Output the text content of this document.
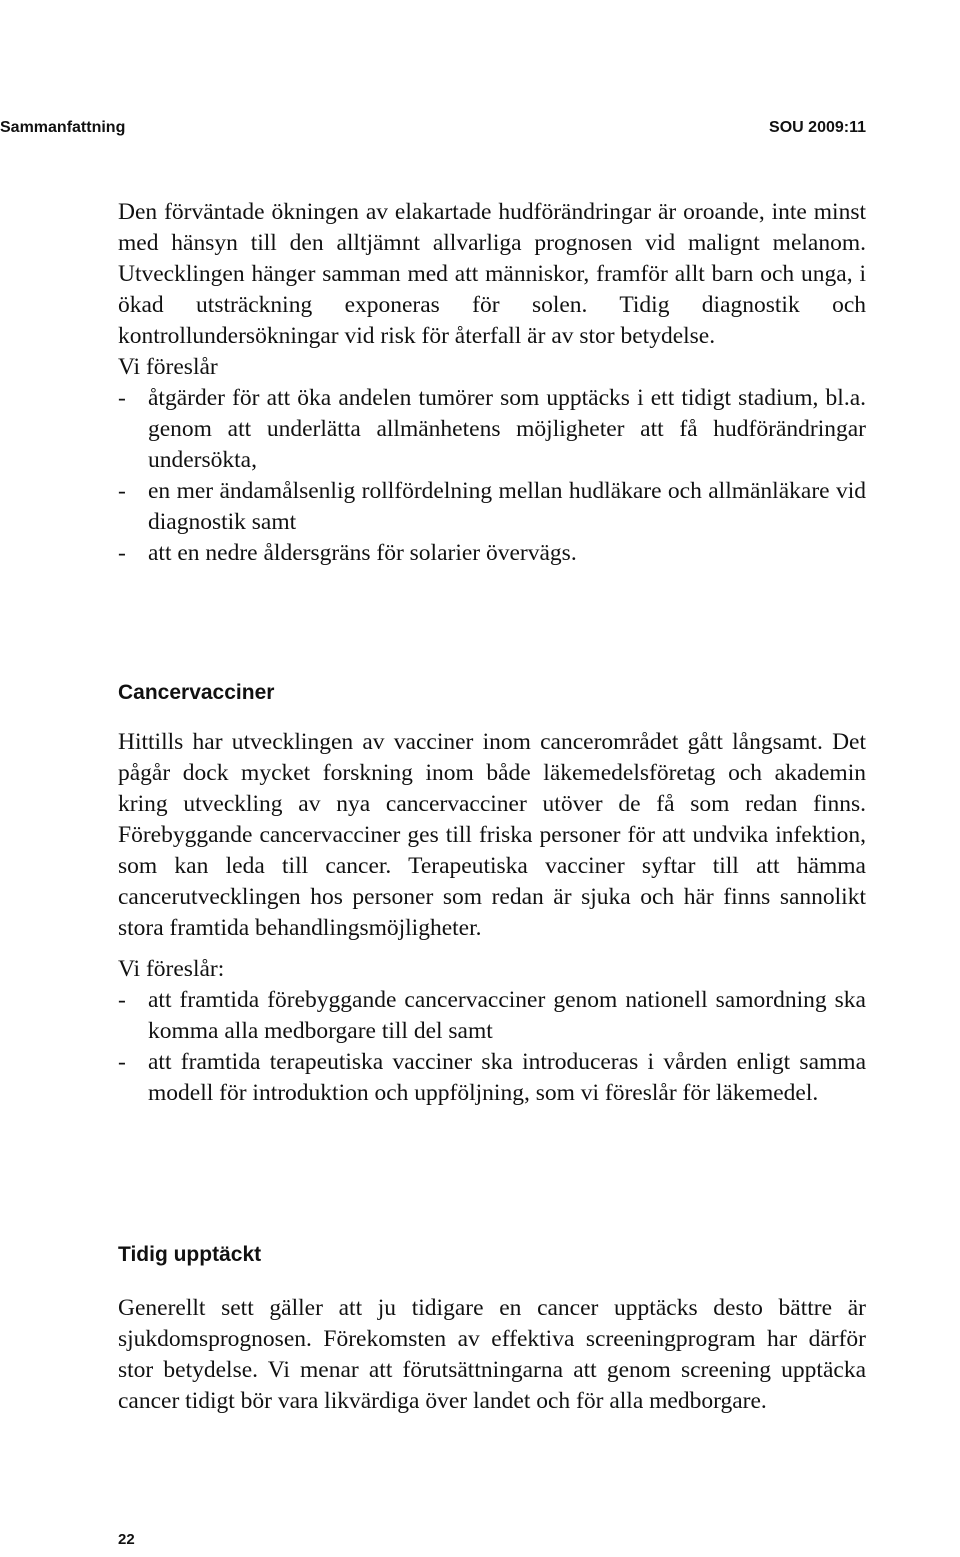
Sammanfattning	SOU 2009:11

Den förväntade ökningen av elakartade hudförändringar är oroande, inte minst med hänsyn till den alltjämnt allvarliga prognosen vid malignt melanom. Utvecklingen hänger samman med att människor, framför allt barn och unga, i ökad utsträckning exponeras för solen. Tidig diagnostik och kontrollundersökningar vid risk för återfall är av stor betydelse.

Vi föreslår

- åtgärder för att öka andelen tumörer som upptäcks i ett tidigt stadium, bl.a. genom att underlätta allmänhetens möjligheter att få hudförändringar undersökta,
- en mer ändamålsenlig rollfördelning mellan hudläkare och allmänläkare vid diagnostik samt
- att en nedre åldersgräns för solarier övervägs.
Cancervacciner

Hittills har utvecklingen av vacciner inom cancerområdet gått långsamt. Det pågår dock mycket forskning inom både läkemedelsföretag och akademin kring utveckling av nya cancervacciner utöver de få som redan finns. Förebyggande cancervacciner ges till friska personer för att undvika infektion, som kan leda till cancer. Terapeutiska vacciner syftar till att hämma cancerutvecklingen hos personer som redan är sjuka och här finns sannolikt stora framtida behandlingsmöjligheter.

Vi föreslår:

- att framtida förebyggande cancervacciner genom nationell samordning ska komma alla medborgare till del samt
- att framtida terapeutiska vacciner ska introduceras i vården enligt samma modell för introduktion och uppföljning, som vi föreslår för läkemedel.
Tidig upptäckt

Generellt sett gäller att ju tidigare en cancer upptäcks desto bättre är sjukdomsprognosen. Förekomsten av effektiva screeningprogram har därför stor betydelse. Vi menar att förutsättningarna att genom screening upptäcka cancer tidigt bör vara likvärdiga över landet och för alla medborgare.

22
